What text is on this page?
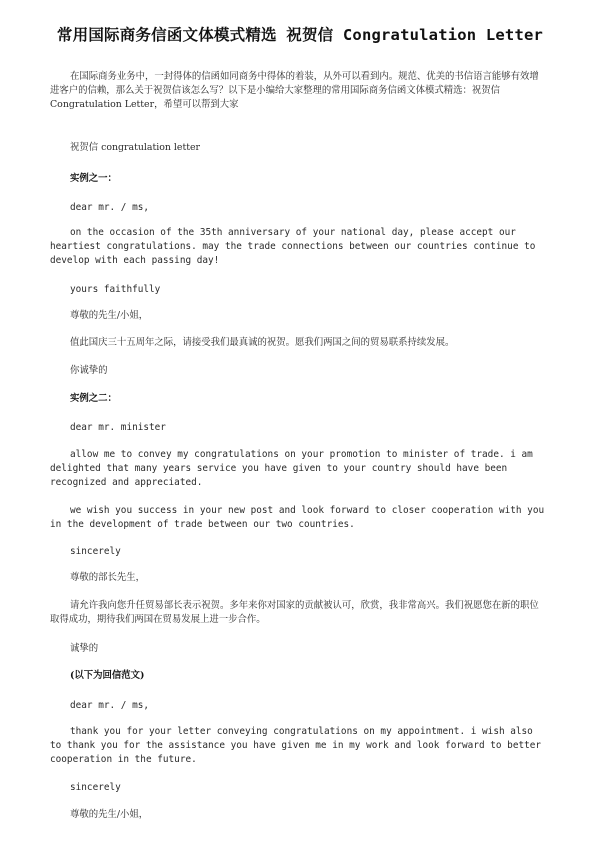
常用国际商务信函文体模式精选 祝贺信 Congratulation Letter

在国际商务业务中，一封得体的信函如同商务中得体的着装，从外可以看到内。规范、优美的书信语言能够有效增进客户的信赖，那么关于祝贺信该怎么写？以下是小编给大家整理的常用国际商务信函文体模式精选：祝贺信 Congratulation Letter，希望可以帮到大家

祝贺信 congratulation letter

实例之一：

dear mr. / ms,

on the occasion of the 35th anniversary of your national day, please accept our heartiest congratulations. may the trade connections between our countries continue to develop with each passing day!

yours faithfully

尊敬的先生/小姐，

值此国庆三十五周年之际，请接受我们最真诚的祝贺。愿我们两国之间的贸易联系持续发展。

你诚挚的

实例之二：

dear mr. minister

allow me to convey my congratulations on your promotion to minister of trade. i am delighted that many years service you have given to your country should have been recognized and appreciated.

we wish you success in your new post and look forward to closer cooperation with you in the development of trade between our two countries.

sincerely

尊敬的部长先生，

请允许我向您升任贸易部长表示祝贺。多年来你对国家的贡献被认可，欣赏，我非常高兴。我们祝愿您在新的职位取得成功，期待我们两国在贸易发展上进一步合作。

诚挚的

(以下为回信范文)

dear mr. / ms,

thank you for your letter conveying congratulations on my appointment. i wish also to thank you for the assistance you have given me in my work and look forward to better cooperation in the future.

sincerely

尊敬的先生/小姐，
